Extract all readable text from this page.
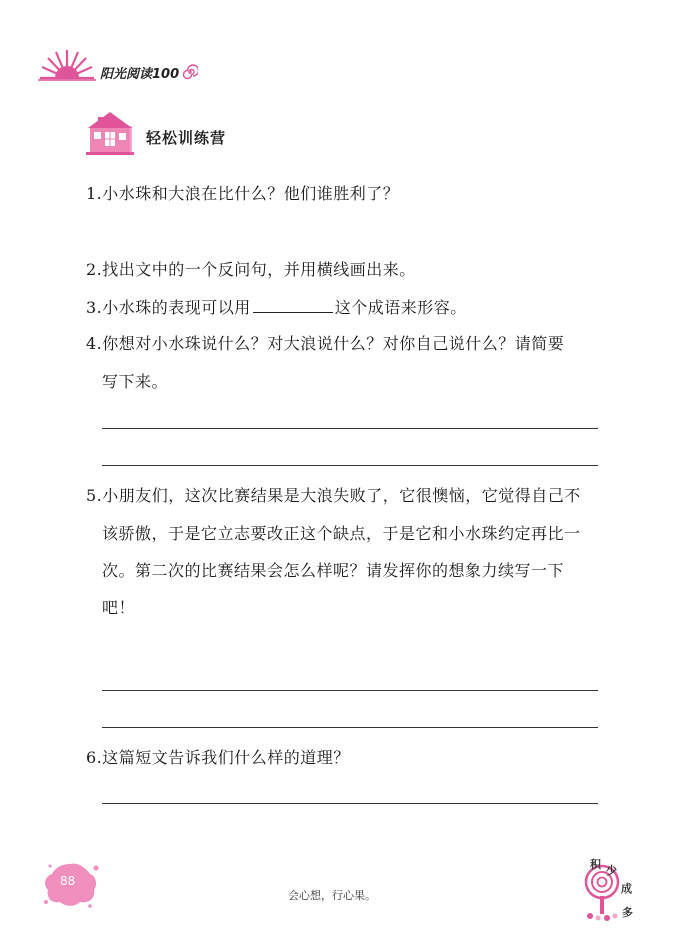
阳光阅读100
轻松训练营
1.小水珠和大浪在比什么？他们谁胜利了？
2.找出文中的一个反问句，并用横线画出来。
3.小水珠的表现可以用	这个成语来形容。
4.你想对小水珠说什么？对大浪说什么？对你自己说什么？请简要
写下来。
5.小朋友们，这次比赛结果是大浪失败了，它很懊恼，它觉得自己不
该骄傲，于是它立志要改正这个缺点，于是它和小水珠约定再比一
次。第二次的比赛结果会怎么样呢？请发挥你的想象力续写一下
吧！
6.这篇短文告诉我们什么样的道理？
88
会心想，行心果。
积 少
成
多
